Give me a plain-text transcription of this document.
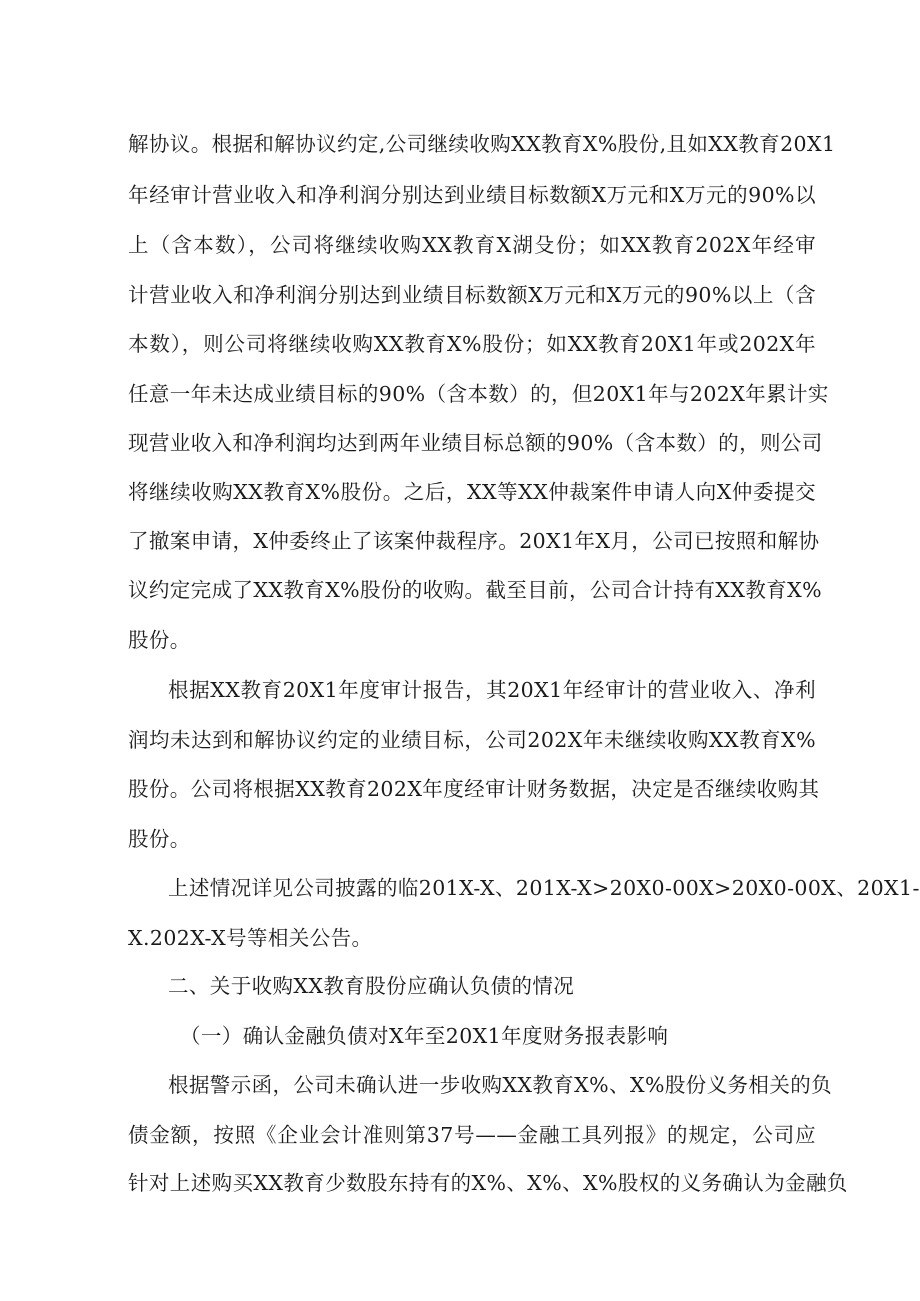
解协议。根据和解协议约定,公司继续收购XX教育X%股份,且如XX教育20X1
年经审计营业收入和净利润分别达到业绩目标数额X万元和X万元的90%以
上（含本数），公司将继续收购XX教育X湖殳份；如XX教育202X年经审
计营业收入和净利润分别达到业绩目标数额X万元和X万元的90%以上（含
本数），则公司将继续收购XX教育X%股份；如XX教育20X1年或202X年
任意一年未达成业绩目标的90%（含本数）的，但20X1年与202X年累计实
现营业收入和净利润均达到两年业绩目标总额的90%（含本数）的，则公司
将继续收购XX教育X%股份。之后，XX等XX仲裁案件申请人向X仲委提交
了撤案申请，X仲委终止了该案仲裁程序。20X1年X月，公司已按照和解协
议约定完成了XX教育X%股份的收购。截至目前，公司合计持有XX教育X%
股份。
根据XX教育20X1年度审计报告，其20X1年经审计的营业收入、净利
润均未达到和解协议约定的业绩目标，公司202X年未继续收购XX教育X%
股份。公司将根据XX教育202X年度经审计财务数据，决定是否继续收购其
股份。
上述情况详见公司披露的临201X-X、201X-X>20X0-00X>20X0-00X、20X1-
X.202X-X号等相关公告。
二、关于收购XX教育股份应确认负债的情况
（一）确认金融负债对X年至20X1年度财务报表影响
根据警示函，公司未确认进一步收购XX教育X%、X%股份义务相关的负
债金额，按照《企业会计准则第37号——金融工具列报》的规定，公司应
针对上述购买XX教育少数股东持有的X%、X%、X%股权的义务确认为金融负
